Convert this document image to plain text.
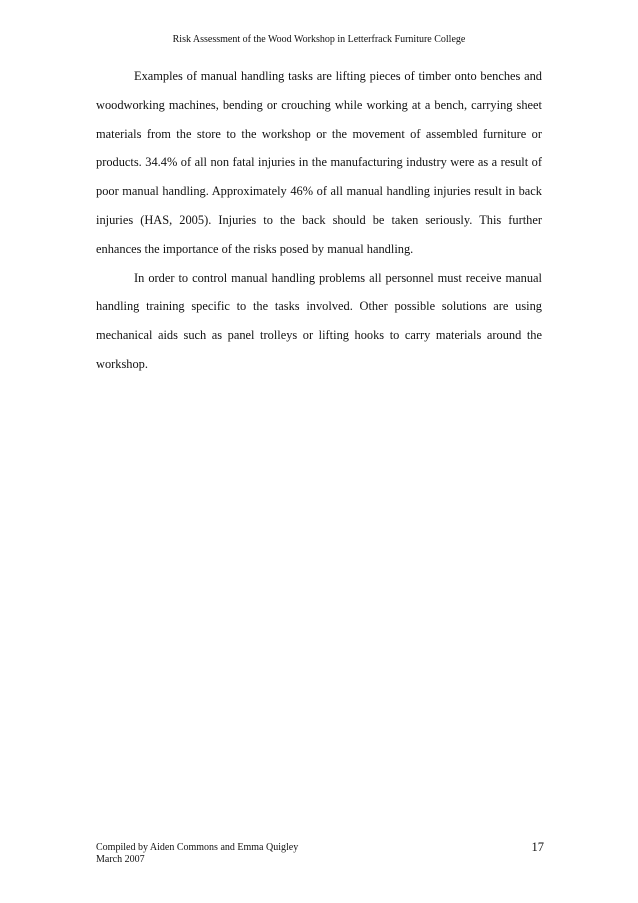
Risk Assessment of the Wood Workshop in Letterfrack Furniture College

Examples of manual handling tasks are lifting pieces of timber onto benches and woodworking machines, bending or crouching while working at a bench, carrying sheet materials from the store to the workshop or the movement of assembled furniture or products. 34.4% of all non fatal injuries in the manufacturing industry were as a result of poor manual handling. Approximately 46% of all manual handling injuries result in back injuries (HAS, 2005). Injuries to the back should be taken seriously. This further enhances the importance of the risks posed by manual handling.

In order to control manual handling problems all personnel must receive manual handling training specific to the tasks involved. Other possible solutions are using mechanical aids such as panel trolleys or lifting hooks to carry materials around the workshop.

Compiled by Aiden Commons and Emma Quigley
March 2007
17
